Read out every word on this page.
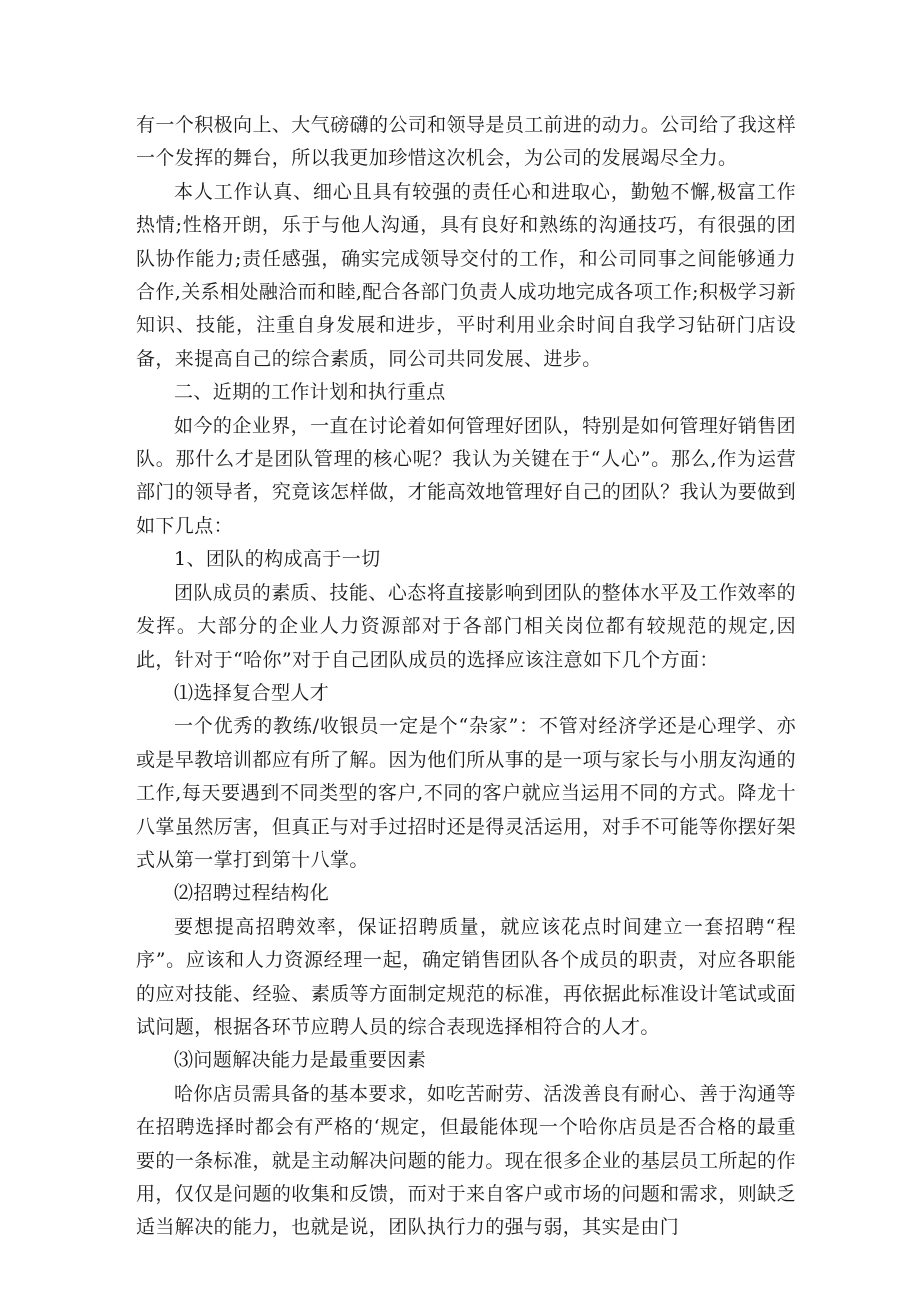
有一个积极向上、大气磅礴的公司和领导是员工前进的动力。公司给了我这样一个发挥的舞台，所以我更加珍惜这次机会，为公司的发展竭尽全力。

本人工作认真、细心且具有较强的责任心和进取心，勤勉不懈,极富工作热情;性格开朗，乐于与他人沟通，具有良好和熟练的沟通技巧，有很强的团队协作能力;责任感强，确实完成领导交付的工作，和公司同事之间能够通力合作,关系相处融洽而和睦,配合各部门负责人成功地完成各项工作;积极学习新知识、技能，注重自身发展和进步，平时利用业余时间自我学习钻研门店设备，来提高自己的综合素质，同公司共同发展、进步。

二、近期的工作计划和执行重点

如今的企业界，一直在讨论着如何管理好团队，特别是如何管理好销售团队。那什么才是团队管理的核心呢？我认为关键在于“人心”。那么,作为运营部门的领导者，究竟该怎样做，才能高效地管理好自己的团队？我认为要做到如下几点：

1、团队的构成高于一切

团队成员的素质、技能、心态将直接影响到团队的整体水平及工作效率的发挥。大部分的企业人力资源部对于各部门相关岗位都有较规范的规定,因此，针对于“哈你”对于自己团队成员的选择应该注意如下几个方面：

⑴选择复合型人才

一个优秀的教练/收银员一定是个“杂家”：不管对经济学还是心理学、亦或是早教培训都应有所了解。因为他们所从事的是一项与家长与小朋友沟通的工作,每天要遇到不同类型的客户,不同的客户就应当运用不同的方式。降龙十八掌虽然厉害，但真正与对手过招时还是得灵活运用，对手不可能等你摆好架式从第一掌打到第十八掌。

⑵招聘过程结构化

要想提高招聘效率，保证招聘质量，就应该花点时间建立一套招聘“程序”。应该和人力资源经理一起，确定销售团队各个成员的职责，对应各职能的应对技能、经验、素质等方面制定规范的标准，再依据此标准设计笔试或面试问题，根据各环节应聘人员的综合表现选择相符合的人才。

⑶问题解决能力是最重要因素

哈你店员需具备的基本要求，如吃苦耐劳、活泼善良有耐心、善于沟通等在招聘选择时都会有严格的‘规定，但最能体现一个哈你店员是否合格的最重要的一条标准，就是主动解决问题的能力。现在很多企业的基层员工所起的作用，仅仅是问题的收集和反馈，而对于来自客户或市场的问题和需求，则缺乏适当解决的能力，也就是说，团队执行力的强与弱，其实是由门
